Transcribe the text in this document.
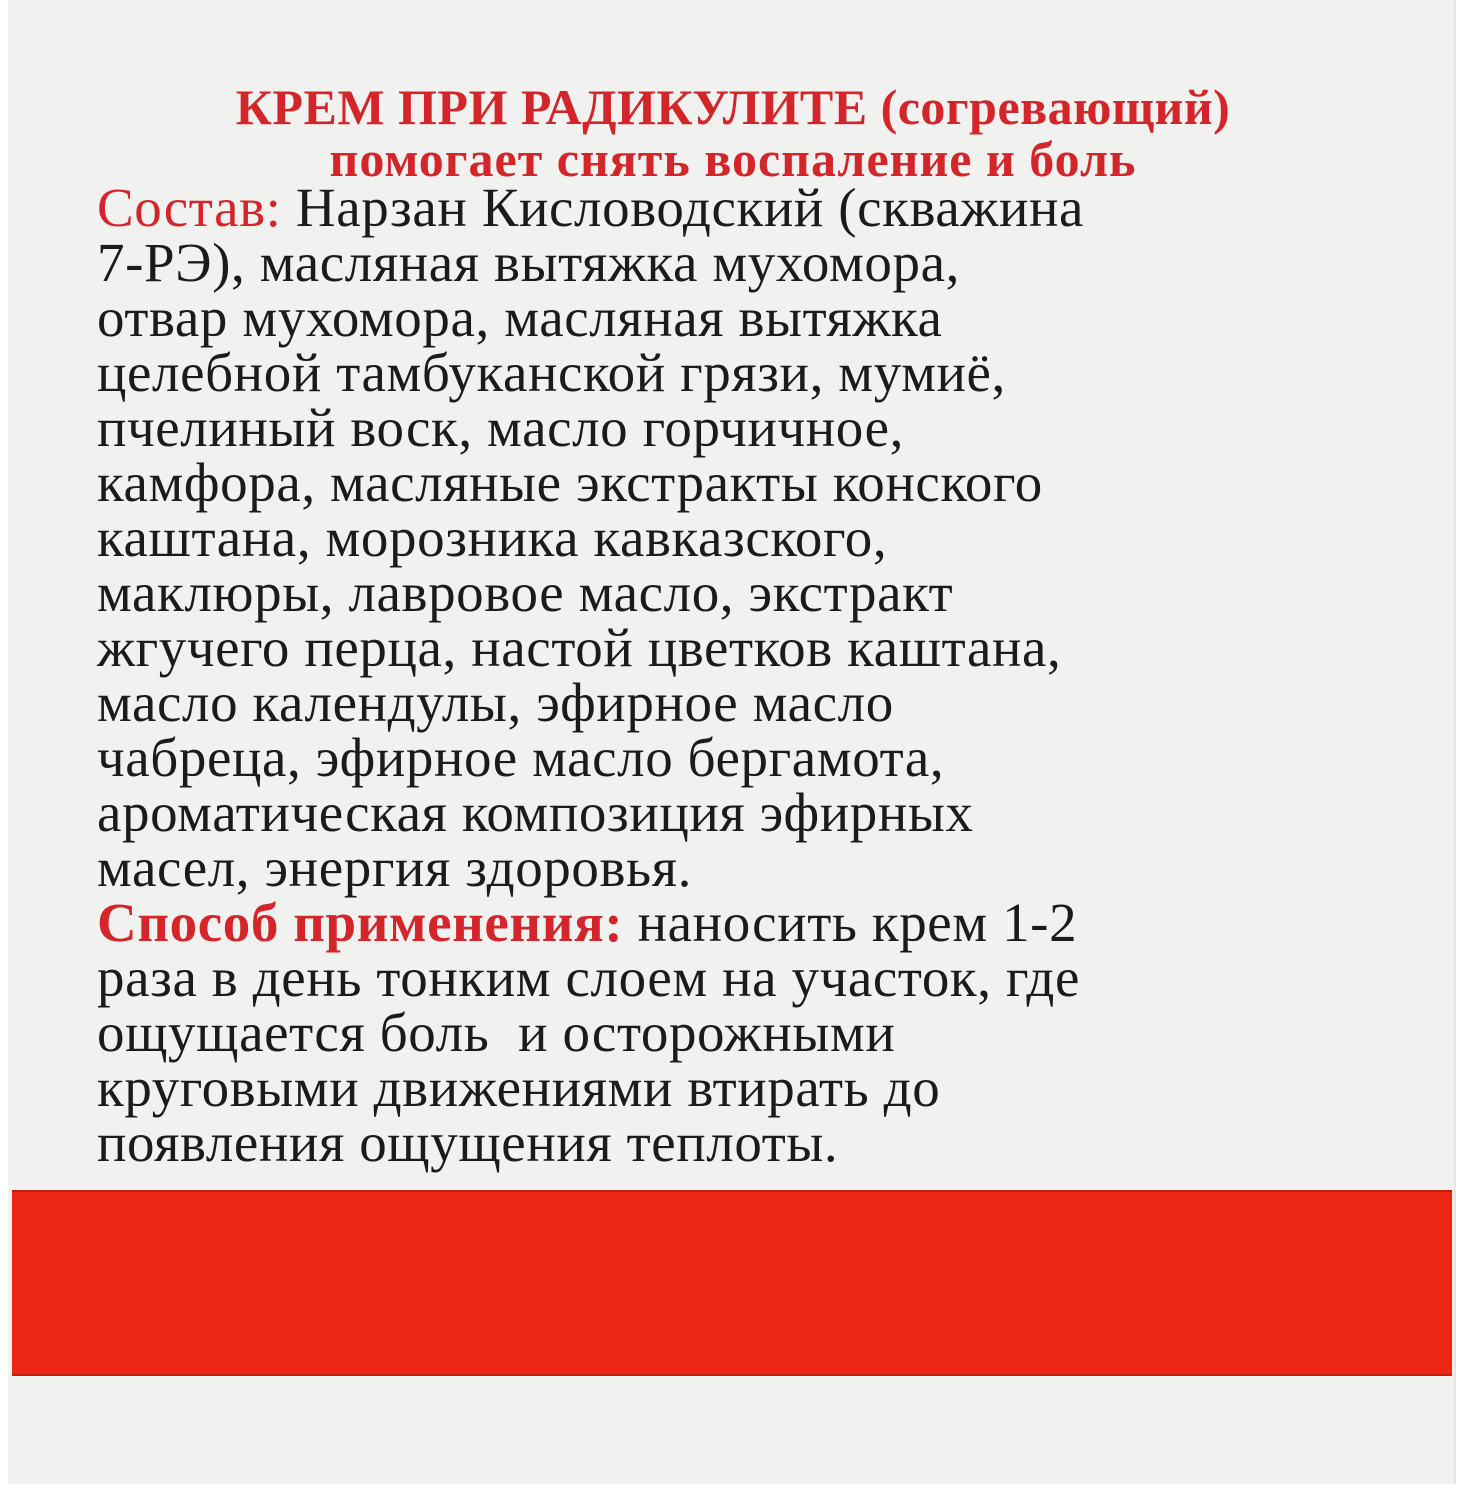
КРЕМ ПРИ РАДИКУЛИТЕ (согревающий)
помогает снять воспаление и боль
Состав: Нарзан Кисловодский (скважина
7-РЭ), масляная вытяжка мухомора,
отвар мухомора, масляная вытяжка
целебной тамбуканской грязи, мумиё,
пчелиный воск, масло горчичное,
камфора, масляные экстракты конского
каштана, морозника кавказского,
маклюры, лавровое масло, экстракт
жгучего перца, настой цветков каштана,
масло календулы, эфирное масло
чабреца, эфирное масло бергамота,
ароматическая композиция эфирных
масел, энергия здоровья.
Способ применения: наносить крем 1-2
раза в день тонким слоем на участок, где
ощущается боль  и осторожными
круговыми движениями втирать до
появления ощущения теплоты.
